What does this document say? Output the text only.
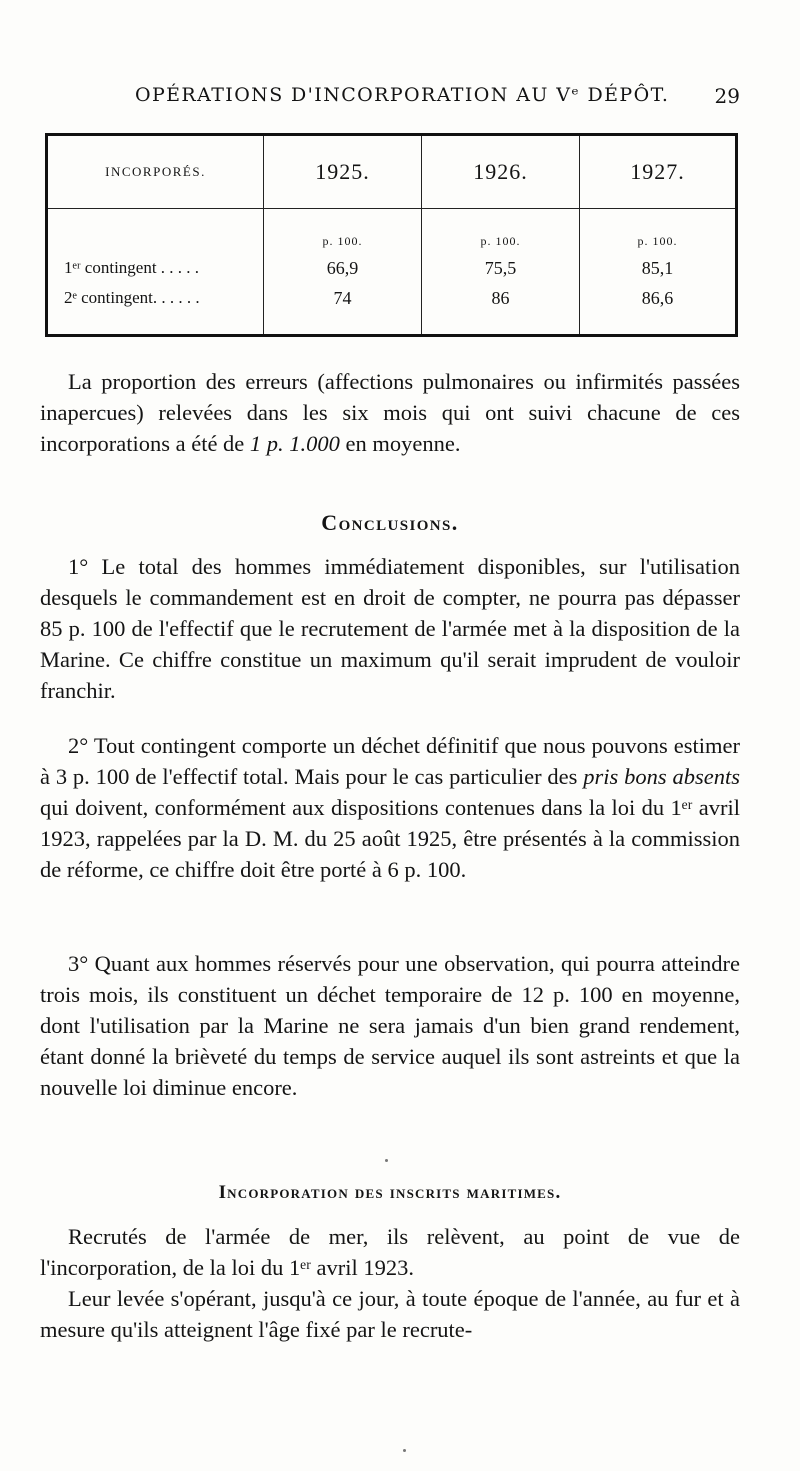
OPÉRATIONS D'INCORPORATION AU Vᵉ DÉPÔT. 29
INCORPORÉS.	1925.	1926.	1927.
	p. 100.	p. 100.	p. 100.
1ᵉʳ contingent . . . . .	66,9	75,5	85,1
2ᵉ contingent. . . . . .	74	86	86,6

La proportion des erreurs (affections pulmonaires ou infirmités passées inapercues) relevées dans les six mois qui ont suivi chacune de ces incorporations a été de 1 p. 1.000 en moyenne.

Conclusions.

1° Le total des hommes immédiatement disponibles, sur l'utilisation desquels le commandement est en droit de compter, ne pourra pas dépasser 85 p. 100 de l'effectif que le recrutement de l'armée met à la disposition de la Marine. Ce chiffre constitue un maximum qu'il serait imprudent de vouloir franchir.

2° Tout contingent comporte un déchet définitif que nous pouvons estimer à 3 p. 100 de l'effectif total. Mais pour le cas particulier des pris bons absents qui doivent, conformément aux dispositions contenues dans la loi du 1ᵉʳ avril 1923, rappelées par la D. M. du 25 août 1925, être présentés à la commission de réforme, ce chiffre doit être porté à 6 p. 100.

3° Quant aux hommes réservés pour une observation, qui pourra atteindre trois mois, ils constituent un déchet temporaire de 12 p. 100 en moyenne, dont l'utilisation par la Marine ne sera jamais d'un bien grand rendement, étant donné la brièveté du temps de service auquel ils sont astreints et que la nouvelle loi diminue encore.

Incorporation des inscrits maritimes.

Recrutés de l'armée de mer, ils relèvent, au point de vue de l'incorporation, de la loi du 1ᵉʳ avril 1923.

Leur levée s'opérant, jusqu'à ce jour, à toute époque de l'année, au fur et à mesure qu'ils atteignent l'âge fixé par le recrute-
